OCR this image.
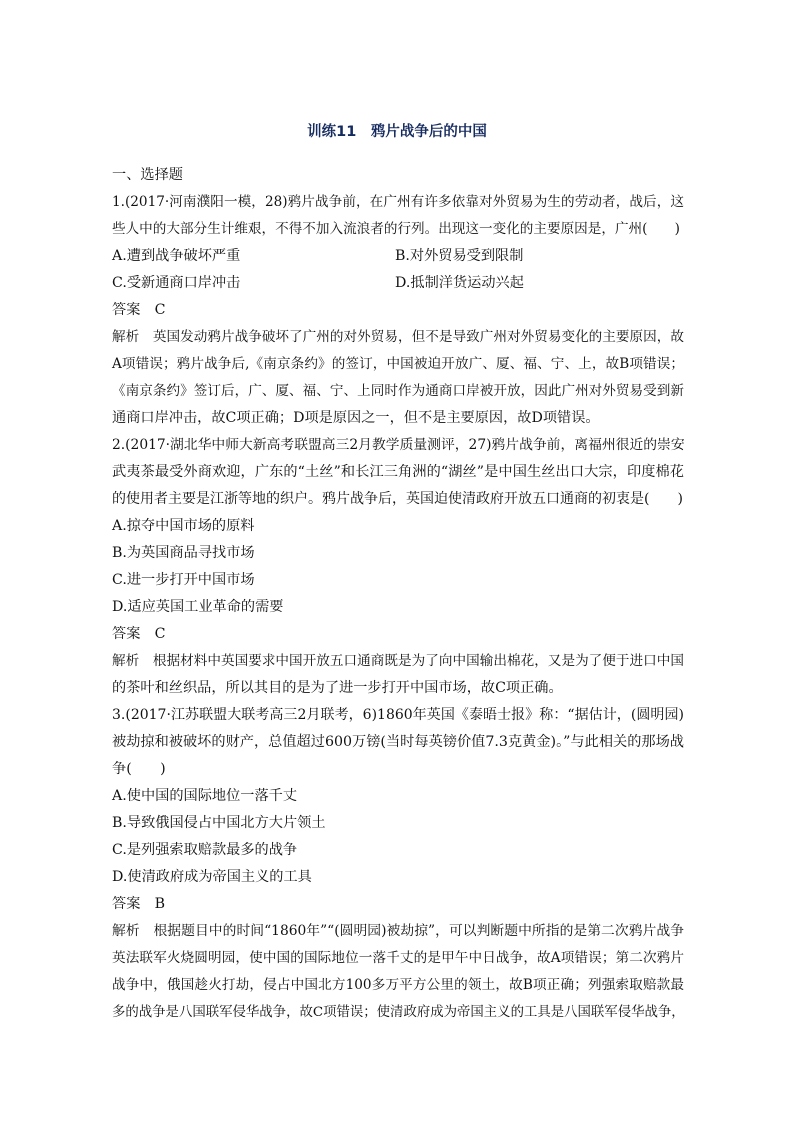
训练11　鸦片战争后的中国
一、选择题
1.(2017·河南濮阳一模，28)鸦片战争前，在广州有许多依靠对外贸易为生的劳动者，战后，这
些人中的大部分生计维艰，不得不加入流浪者的行列。出现这一变化的主要原因是，广州(　　)
A.遭到战争破坏严重	B.对外贸易受到限制
C.受新通商口岸冲击	D.抵制洋货运动兴起
答案　C
解析　英国发动鸦片战争破坏了广州的对外贸易，但不是导致广州对外贸易变化的主要原因，故
A项错误；鸦片战争后,《南京条约》的签订，中国被迫开放广、厦、福、宁、上，故B项错误；
《南京条约》签订后，广、厦、福、宁、上同时作为通商口岸被开放，因此广州对外贸易受到新
通商口岸冲击，故C项正确；D项是原因之一，但不是主要原因，故D项错误。
2.(2017·湖北华中师大新高考联盟高三2月教学质量测评，27)鸦片战争前，离福州很近的崇安
武夷茶最受外商欢迎，广东的“土丝”和长江三角洲的“湖丝”是中国生丝出口大宗，印度棉花
的使用者主要是江浙等地的织户。鸦片战争后，英国迫使清政府开放五口通商的初衷是(　　)
A.掠夺中国市场的原料
B.为英国商品寻找市场
C.进一步打开中国市场
D.适应英国工业革命的需要
答案　C
解析　根据材料中英国要求中国开放五口通商既是为了向中国输出棉花，又是为了便于进口中国
的茶叶和丝织品，所以其目的是为了进一步打开中国市场，故C项正确。
3.(2017·江苏联盟大联考高三2月联考，6)1860年英国《泰晤士报》称：“据估计，(圆明园)
被劫掠和被破坏的财产，总值超过600万镑(当时每英镑价值7.3克黄金)。”与此相关的那场战
争(　　)
A.使中国的国际地位一落千丈
B.导致俄国侵占中国北方大片领土
C.是列强索取赔款最多的战争
D.使清政府成为帝国主义的工具
答案　B
解析　根据题目中的时间“1860年”“(圆明园)被劫掠”，可以判断题中所指的是第二次鸦片战争
英法联军火烧圆明园，使中国的国际地位一落千丈的是甲午中日战争，故A项错误；第二次鸦片
战争中，俄国趁火打劫，侵占中国北方100多万平方公里的领土，故B项正确；列强索取赔款最
多的战争是八国联军侵华战争，故C项错误；使清政府成为帝国主义的工具是八国联军侵华战争，
